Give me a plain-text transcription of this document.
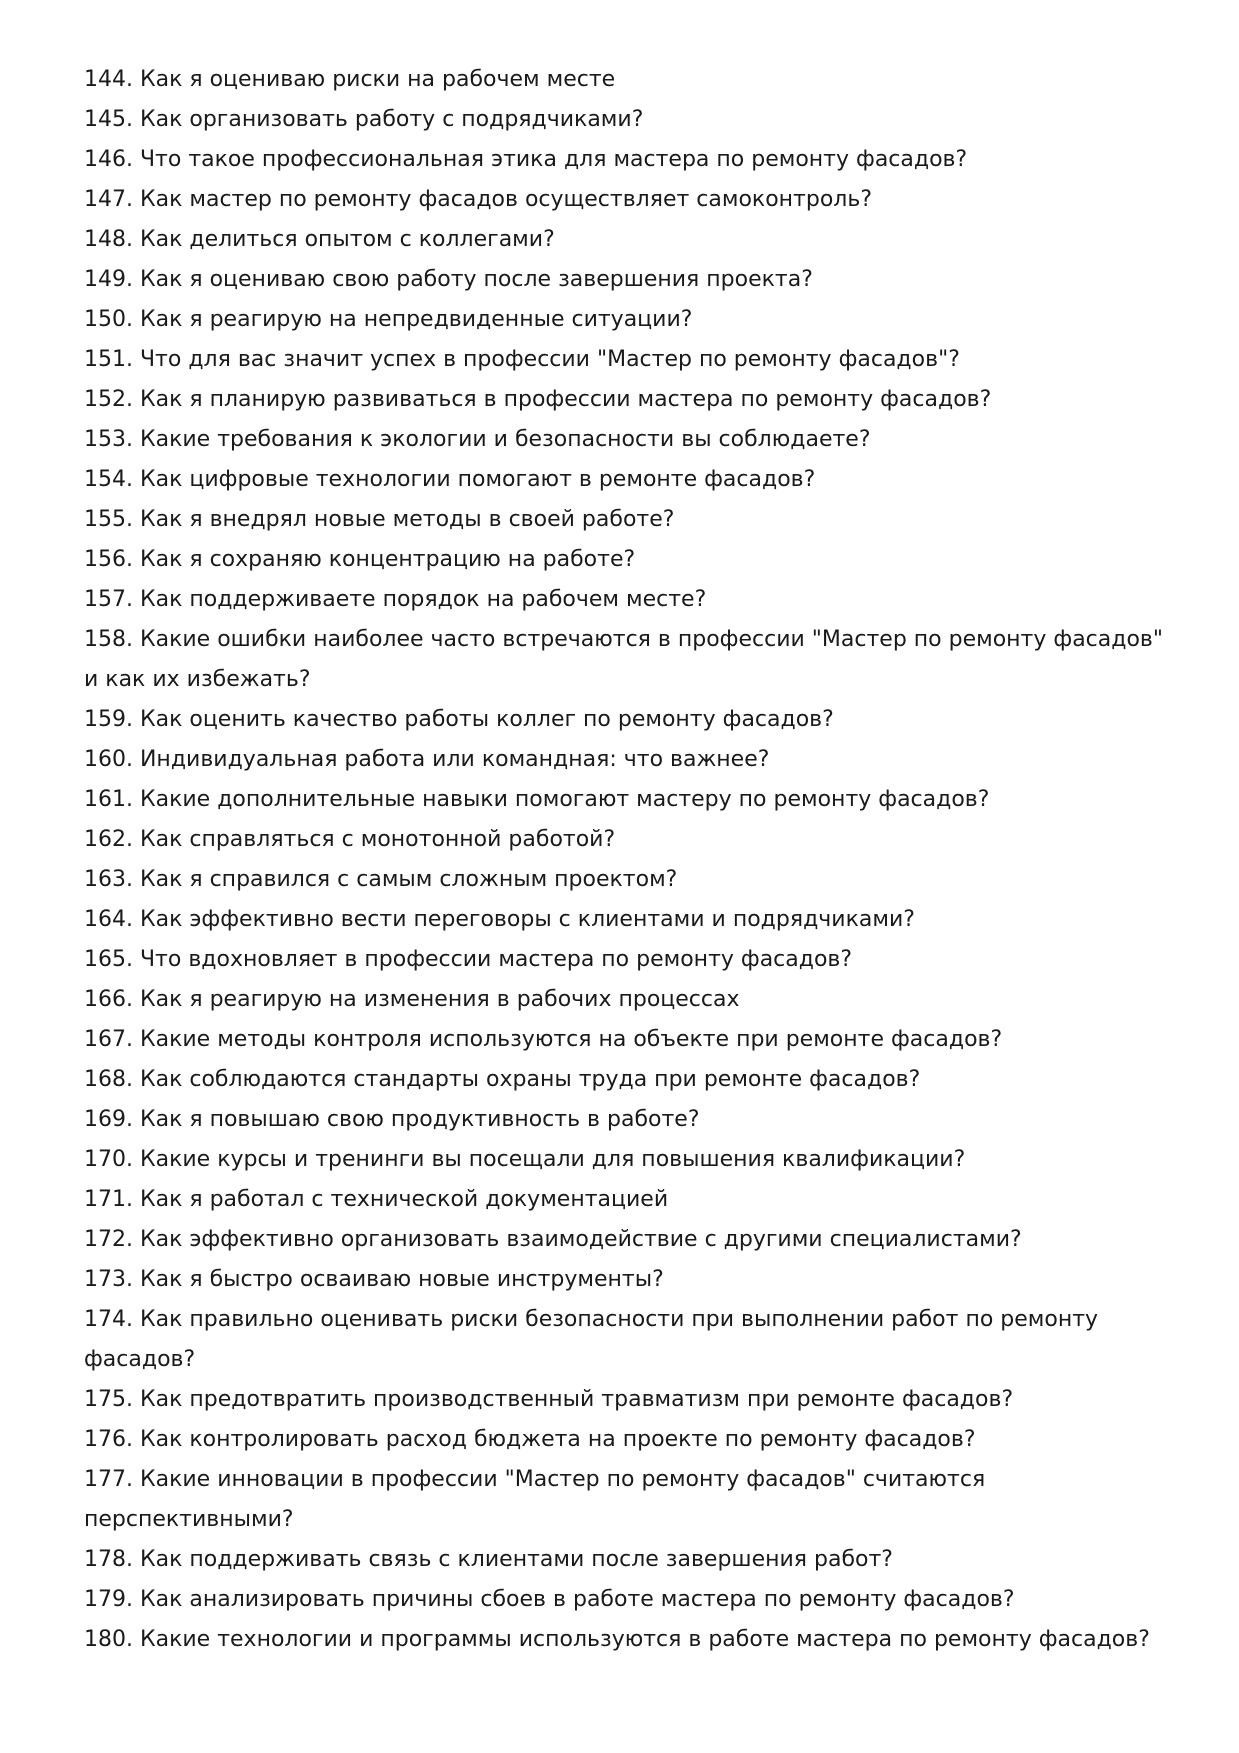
144. Как я оцениваю риски на рабочем месте
145. Как организовать работу с подрядчиками?
146. Что такое профессиональная этика для мастера по ремонту фасадов?
147. Как мастер по ремонту фасадов осуществляет самоконтроль?
148. Как делиться опытом с коллегами?
149. Как я оцениваю свою работу после завершения проекта?
150. Как я реагирую на непредвиденные ситуации?
151. Что для вас значит успех в профессии "Мастер по ремонту фасадов"?
152. Как я планирую развиваться в профессии мастера по ремонту фасадов?
153. Какие требования к экологии и безопасности вы соблюдаете?
154. Как цифровые технологии помогают в ремонте фасадов?
155. Как я внедрял новые методы в своей работе?
156. Как я сохраняю концентрацию на работе?
157. Как поддерживаете порядок на рабочем месте?
158. Какие ошибки наиболее часто встречаются в профессии "Мастер по ремонту фасадов" и как их избежать?
159. Как оценить качество работы коллег по ремонту фасадов?
160. Индивидуальная работа или командная: что важнее?
161. Какие дополнительные навыки помогают мастеру по ремонту фасадов?
162. Как справляться с монотонной работой?
163. Как я справился с самым сложным проектом?
164. Как эффективно вести переговоры с клиентами и подрядчиками?
165. Что вдохновляет в профессии мастера по ремонту фасадов?
166. Как я реагирую на изменения в рабочих процессах
167. Какие методы контроля используются на объекте при ремонте фасадов?
168. Как соблюдаются стандарты охраны труда при ремонте фасадов?
169. Как я повышаю свою продуктивность в работе?
170. Какие курсы и тренинги вы посещали для повышения квалификации?
171. Как я работал с технической документацией
172. Как эффективно организовать взаимодействие с другими специалистами?
173. Как я быстро осваиваю новые инструменты?
174. Как правильно оценивать риски безопасности при выполнении работ по ремонту фасадов?
175. Как предотвратить производственный травматизм при ремонте фасадов?
176. Как контролировать расход бюджета на проекте по ремонту фасадов?
177. Какие инновации в профессии "Мастер по ремонту фасадов" считаются перспективными?
178. Как поддерживать связь с клиентами после завершения работ?
179. Как анализировать причины сбоев в работе мастера по ремонту фасадов?
180. Какие технологии и программы используются в работе мастера по ремонту фасадов?
